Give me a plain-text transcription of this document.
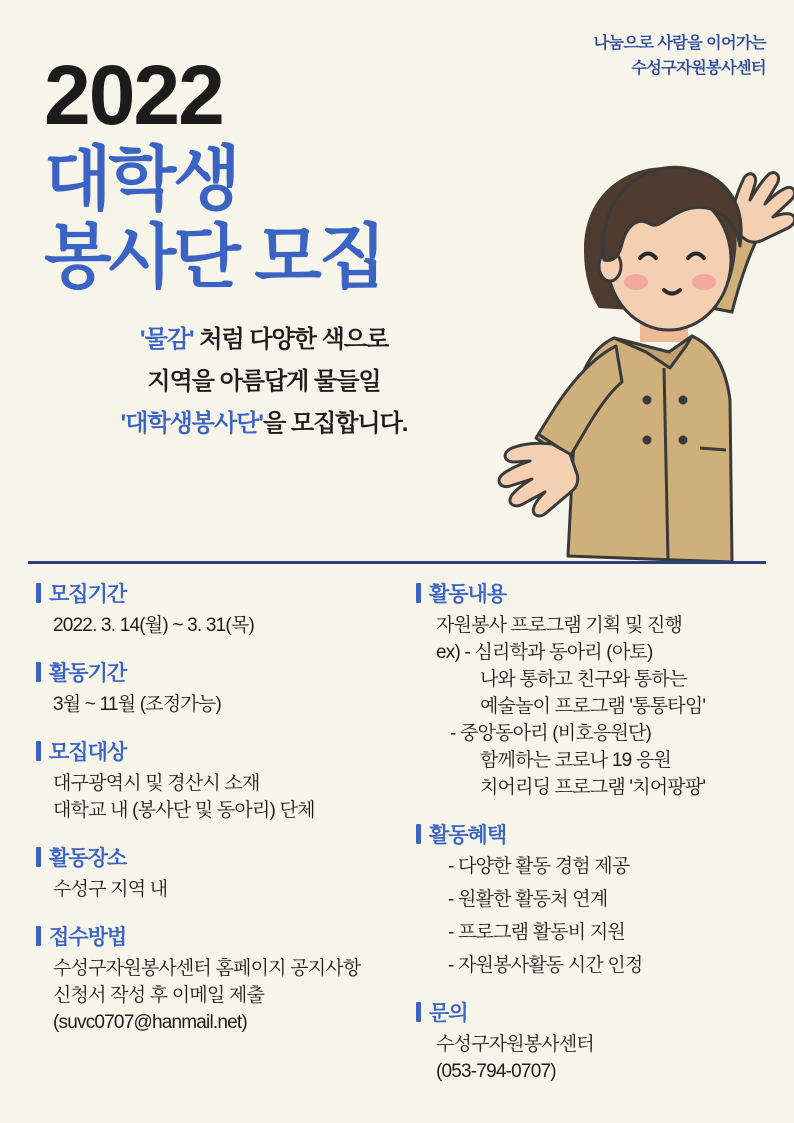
나눔으로 사람을 이어가는
수성구자원봉사센터
2022
대학생
봉사단 모집
'물감' 처럼 다양한 색으로
지역을 아름답게 물들일
'대학생봉사단'을 모집합니다.
모집기간
2022. 3. 14(월) ~ 3. 31(목)
활동기간
3월 ~ 11월 (조정가능)
모집대상
대구광역시 및 경산시 소재
대학교 내 (봉사단 및 동아리) 단체
활동장소
수성구 지역 내
접수방법
수성구자원봉사센터 홈페이지 공지사항
신청서 작성 후 이메일 제출
(suvc0707@hanmail.net)
활동내용
자원봉사 프로그램 기획 및 진행
ex) - 심리학과 동아리 (아토)
나와 통하고 친구와 통하는
예술놀이 프로그램 '통통타임'
- 중앙동아리 (비호응원단)
함께하는 코로나 19 응원
치어리딩 프로그램 '치어팡팡'
활동혜택
- 다양한 활동 경험 제공
- 원활한 활동처 연계
- 프로그램 활동비 지원
- 자원봉사활동 시간 인정
문의
수성구자원봉사센터
(053-794-0707)
